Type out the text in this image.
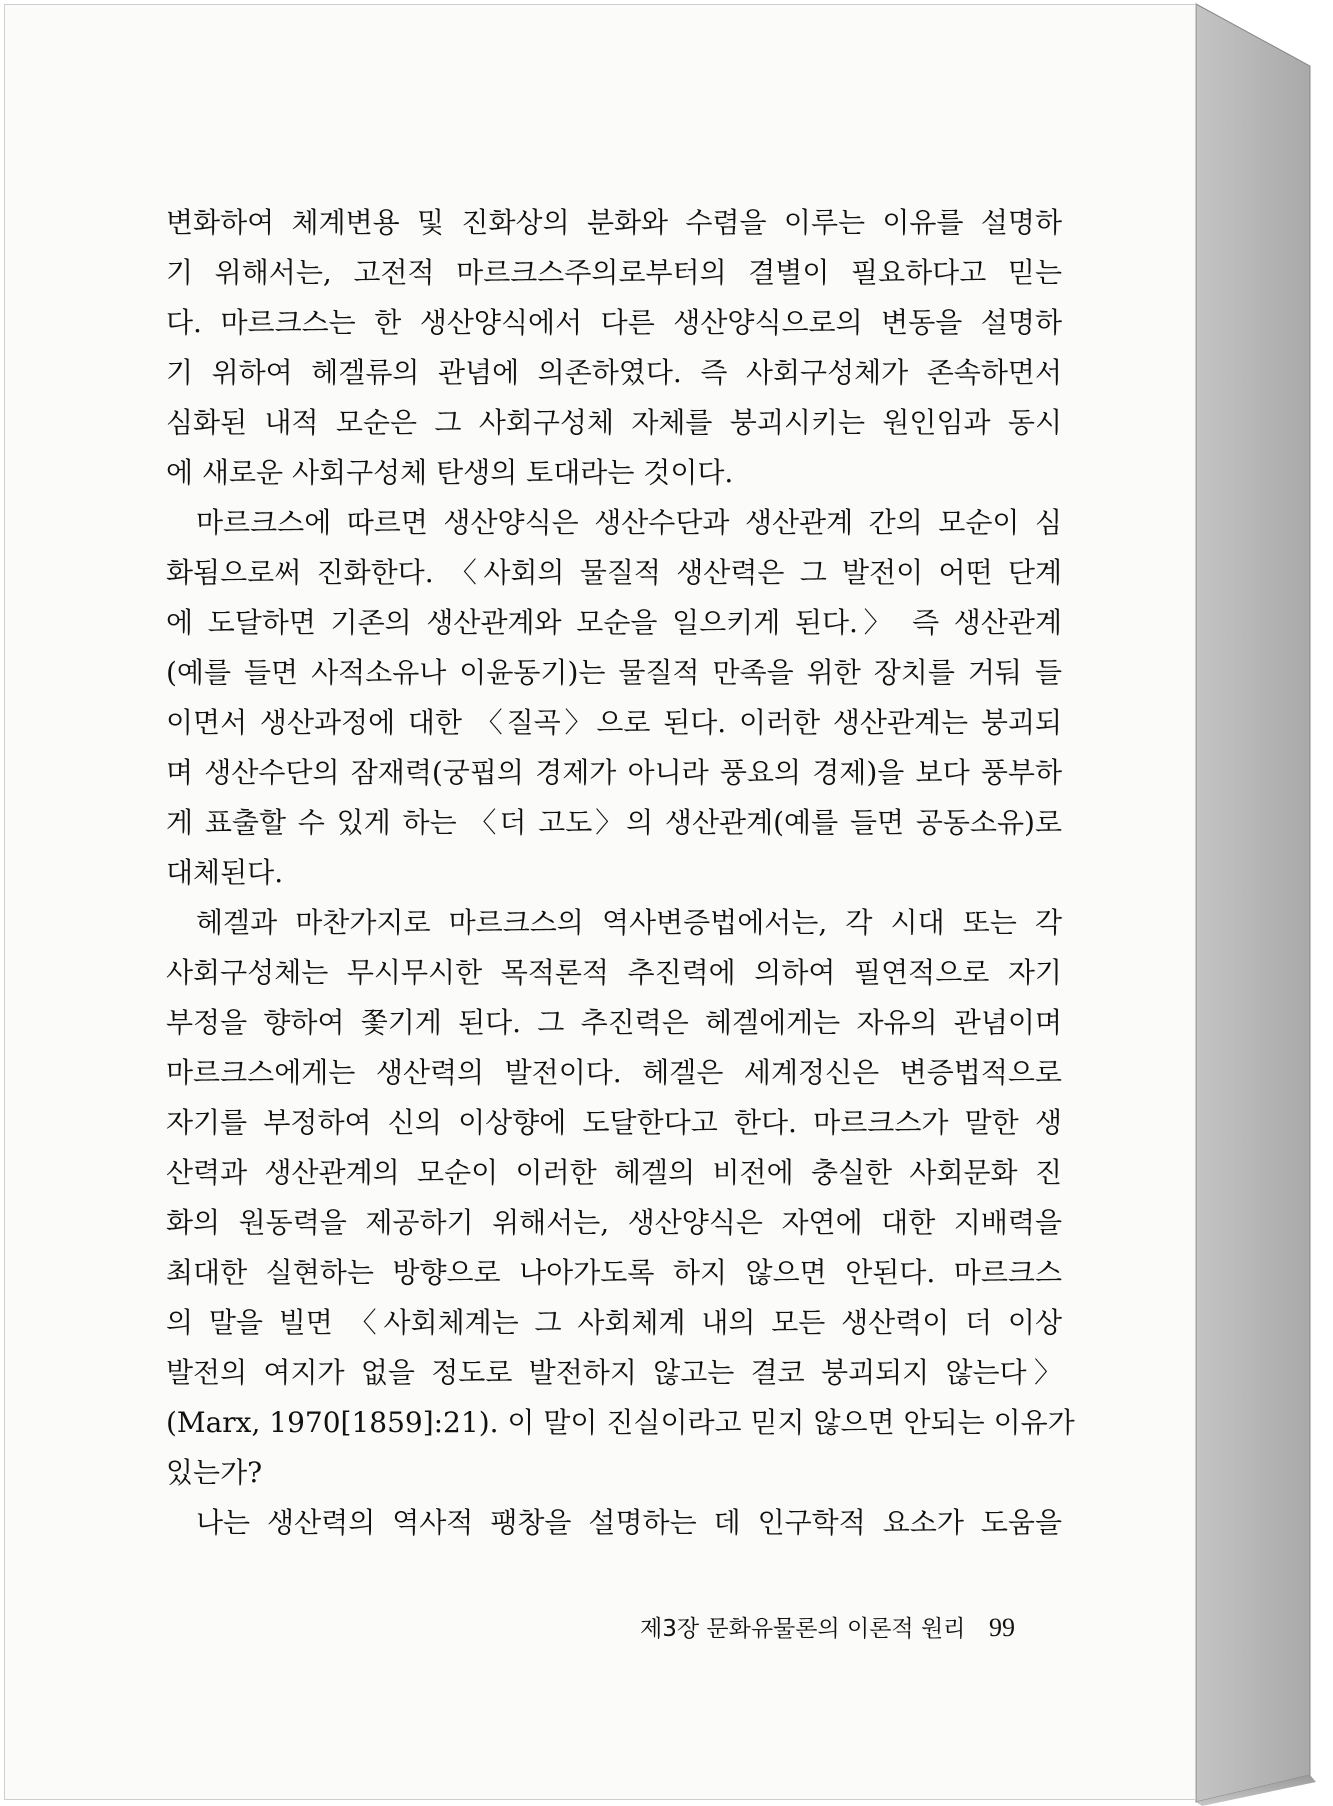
변화하여 체계변용 및 진화상의 분화와 수렴을 이루는 이유를 설명하
기 위해서는, 고전적 마르크스주의로부터의 결별이 필요하다고 믿는
다. 마르크스는 한 생산양식에서 다른 생산양식으로의 변동을 설명하
기 위하여 헤겔류의 관념에 의존하였다. 즉 사회구성체가 존속하면서
심화된 내적 모순은 그 사회구성체 자체를 붕괴시키는 원인임과 동시
에 새로운 사회구성체 탄생의 토대라는 것이다.
마르크스에 따르면 생산양식은 생산수단과 생산관계 간의 모순이 심
화됨으로써 진화한다. 〈사회의 물질적 생산력은 그 발전이 어떤 단계
에 도달하면 기존의 생산관계와 모순을 일으키게 된다.〉 즉 생산관계
(예를 들면 사적소유나 이윤동기)는 물질적 만족을 위한 장치를 거둬 들
이면서 생산과정에 대한 〈질곡〉으로 된다. 이러한 생산관계는 붕괴되
며 생산수단의 잠재력(궁핍의 경제가 아니라 풍요의 경제)을 보다 풍부하
게 표출할 수 있게 하는 〈더 고도〉의 생산관계(예를 들면 공동소유)로
대체된다.
헤겔과 마찬가지로 마르크스의 역사변증법에서는, 각 시대 또는 각
사회구성체는 무시무시한 목적론적 추진력에 의하여 필연적으로 자기
부정을 향하여 쫓기게 된다. 그 추진력은 헤겔에게는 자유의 관념이며
마르크스에게는 생산력의 발전이다. 헤겔은 세계정신은 변증법적으로
자기를 부정하여 신의 이상향에 도달한다고 한다. 마르크스가 말한 생
산력과 생산관계의 모순이 이러한 헤겔의 비전에 충실한 사회문화 진
화의 원동력을 제공하기 위해서는, 생산양식은 자연에 대한 지배력을
최대한 실현하는 방향으로 나아가도록 하지 않으면 안된다. 마르크스
의 말을 빌면 〈사회체계는 그 사회체계 내의 모든 생산력이 더 이상
발전의 여지가 없을 정도로 발전하지 않고는 결코 붕괴되지 않는다〉
(Marx, 1970[1859]:21). 이 말이 진실이라고 믿지 않으면 안되는 이유가
있는가?
나는 생산력의 역사적 팽창을 설명하는 데 인구학적 요소가 도움을
제3장 문화유물론의 이론적 원리 99
